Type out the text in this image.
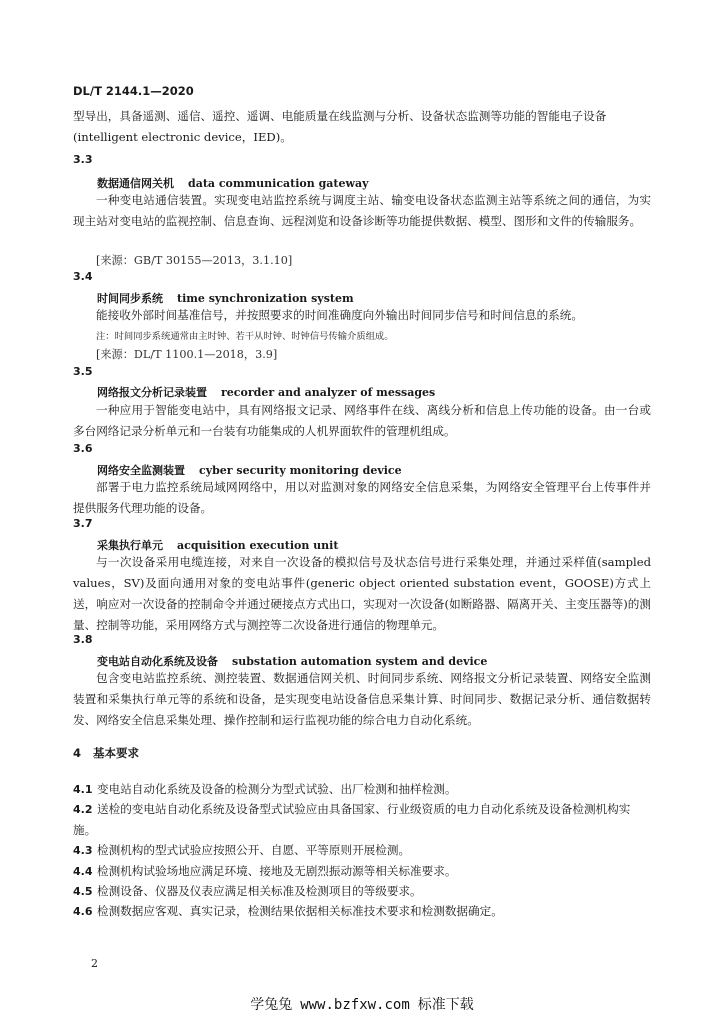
DL/T 2144.1—2020
型导出，具备遥测、遥信、遥控、遥调、电能质量在线监测与分析、设备状态监测等功能的智能电子设备
(intelligent electronic device，IED)。
3.3
数据通信网关机 data communication gateway
一种变电站通信装置。实现变电站监控系统与调度主站、输变电设备状态监测主站等系统之间的通信，为实现主站对变电站的监视控制、信息查询、远程浏览和设备诊断等功能提供数据、模型、图形和文件的传输服务。
[来源：GB/T 30155—2013，3.1.10]
3.4
时间同步系统 time synchronization system
能接收外部时间基准信号，并按照要求的时间准确度向外输出时间同步信号和时间信息的系统。
注：时间同步系统通常由主时钟、若干从时钟、时钟信号传输介质组成。
[来源：DL/T 1100.1—2018，3.9]
3.5
网络报文分析记录装置 recorder and analyzer of messages
一种应用于智能变电站中，具有网络报文记录、网络事件在线、离线分析和信息上传功能的设备。由一台或多台网络记录分析单元和一台装有功能集成的人机界面软件的管理机组成。
3.6
网络安全监测装置 cyber security monitoring device
部署于电力监控系统局域网网络中，用以对监测对象的网络安全信息采集，为网络安全管理平台上传事件并提供服务代理功能的设备。
3.7
采集执行单元 acquisition execution unit
与一次设备采用电缆连接，对来自一次设备的模拟信号及状态信号进行采集处理，并通过采样值(sampled values，SV)及面向通用对象的变电站事件(generic object oriented substation event，GOOSE)方式上送，响应对一次设备的控制命令并通过硬接点方式出口，实现对一次设备(如断路器、隔离开关、主变压器等)的测量、控制等功能，采用网络方式与测控等二次设备进行通信的物理单元。
3.8
变电站自动化系统及设备 substation automation system and device
包含变电站监控系统、测控装置、数据通信网关机、时间同步系统、网络报文分析记录装置、网络安全监测装置和采集执行单元等的系统和设备，是实现变电站设备信息采集计算、时间同步、数据记录分析、通信数据转发、网络安全信息采集处理、操作控制和运行监视功能的综合电力自动化系统。
4 基本要求
4.1 变电站自动化系统及设备的检测分为型式试验、出厂检测和抽样检测。
4.2 送检的变电站自动化系统及设备型式试验应由具备国家、行业级资质的电力自动化系统及设备检测机构实施。
4.3 检测机构的型式试验应按照公开、自愿、平等原则开展检测。
4.4 检测机构试验场地应满足环境、接地及无剧烈振动源等相关标准要求。
4.5 检测设备、仪器及仪表应满足相关标准及检测项目的等级要求。
4.6 检测数据应客观、真实记录，检测结果依据相关标准技术要求和检测数据确定。
2
学兔兔 www.bzfxw.com 标准下载
